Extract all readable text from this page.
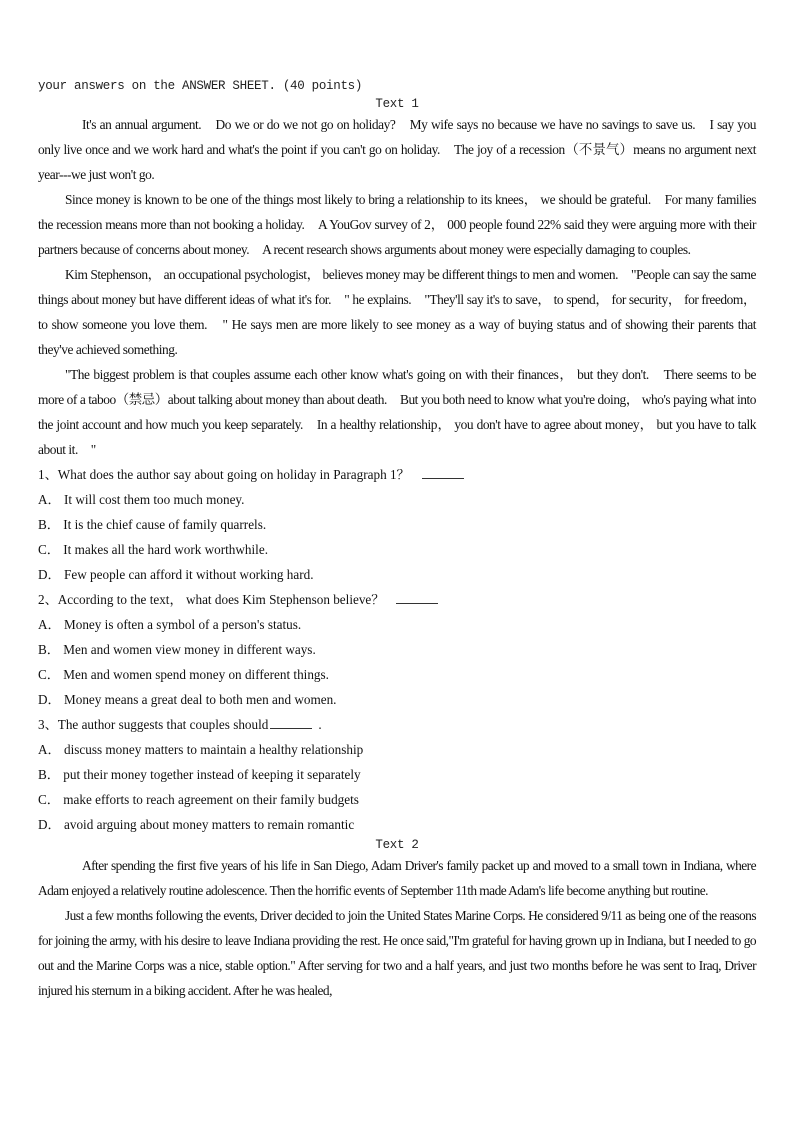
your answers on the ANSWER SHEET. (40 points)
Text 1

It's an annual argument.　Do we or do we not go on holiday?　My wife says no because we have no savings to save us.　I say you only live once and we work hard and what's the point if you can't go on holiday.　The joy of a recession（不景气）means no argument next year---we just won't go.

Since money is known to be one of the things most likely to bring a relationship to its knees， we should be grateful.　For many families the recession means more than not booking a holiday.　A YouGov survey of 2， 000 people found 22% said they were arguing more with their partners because of concerns about money.　A recent research shows arguments about money were especially damaging to couples.

Kim Stephenson， an occupational psychologist， believes money may be different things to men and women.　"People can say the same things about money but have different ideas of what it's for.　" he explains.　"They'll say it's to save， to spend， for security， for freedom， to show someone you love them.　" He says men are more likely to see money as a way of buying status and of showing their parents that they've achieved something.

"The biggest problem is that couples assume each other know what's going on with their finances， but they don't.　There seems to be more of a taboo（禁忌）about talking about money than about death.　But you both need to know what you're doing， who's paying what into the joint account and how much you keep separately.　In a healthy relationship， you don't have to agree about money， but you have to talk about it.　"

1、What does the author say about going on holiday in Paragraph 1？

A． It will cost them too much money.

B． It is the chief cause of family quarrels.

C． It makes all the hard work worthwhile.

D． Few people can afford it without working hard.

2、According to the text， what does Kim Stephenson believe？

A． Money is often a symbol of a person's status.

B． Men and women view money in different ways.

C． Men and women spend money on different things.

D． Money means a great deal to both men and women.

3、The author suggests that couples should	.

A． discuss money matters to maintain a healthy relationship

B． put their money together instead of keeping it separately

C． make efforts to reach agreement on their family budgets

D． avoid arguing about money matters to remain romantic

Text 2

After spending the first five years of his life in San Diego, Adam Driver's family packet up and moved to a small town in Indiana, where Adam enjoyed a relatively routine adolescence. Then the horrific events of September 11th made Adam's life become anything but routine.

Just a few months following the events, Driver decided to join the United States Marine Corps. He considered 9/11 as being one of the reasons for joining the army, with his desire to leave Indiana providing the rest. He once said,"I'm grateful for having grown up in Indiana, but I needed to go out and the Marine Corps was a nice, stable option." After serving for two and a half years, and just two months before he was sent to Iraq, Driver injured his sternum in a biking accident. After he was healed,
